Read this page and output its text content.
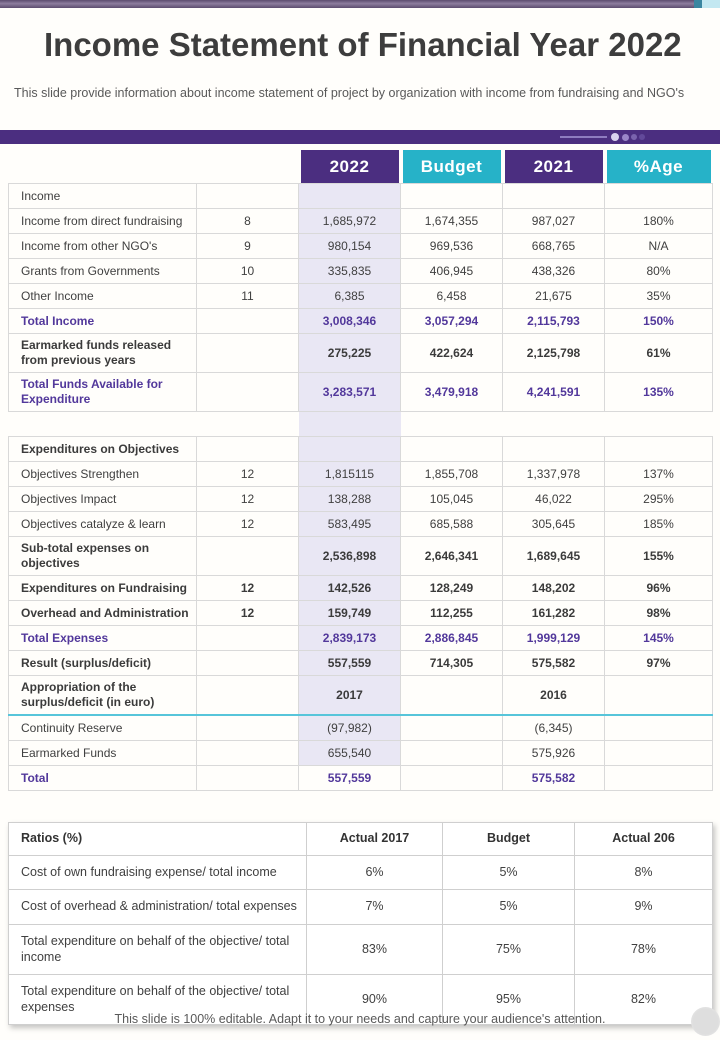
Income Statement of Financial Year 2022

This slide provide information about income statement of project by organization with income from fundraising and NGO's

		2022	Budget	2021	%Age

Income					
Income from direct fundraising	8	1,685,972	1,674,355	987,027	180%
Income from other NGO's	9	980,154	969,536	668,765	N/A
Grants from Governments	10	335,835	406,945	438,326	80%
Other Income	11	6,385	6,458	21,675	35%
Total Income		3,008,346	3,057,294	2,115,793	150%
Earmarked funds released from previous years		275,225	422,624	2,125,798	61%
Total Funds Available for Expenditure		3,283,571	3,479,918	4,241,591	135%

Expenditures on Objectives					
Objectives Strengthen	12	1,815115	1,855,708	1,337,978	137%
Objectives Impact	12	138,288	105,045	46,022	295%
Objectives catalyze & learn	12	583,495	685,588	305,645	185%
Sub-total expenses on objectives		2,536,898	2,646,341	1,689,645	155%
Expenditures on Fundraising	12	142,526	128,249	148,202	96%
Overhead and Administration	12	159,749	112,255	161,282	98%
Total Expenses		2,839,173	2,886,845	1,999,129	145%
Result (surplus/deficit)		557,559	714,305	575,582	97%
Appropriation of the surplus/deficit (in euro)		2017		2016	
Continuity Reserve		(97,982)		(6,345)	
Earmarked Funds		655,540		575,926	
Total		557,559		575,582	
Ratios (%)	Actual 2017	Budget	Actual 206
Cost of own fundraising expense/ total income	6%	5%	8%
Cost of overhead & administration/ total expenses	7%	5%	9%
Total expenditure on behalf of the objective/ total income	83%	75%	78%
Total expenditure on behalf of the objective/ total expenses	90%	95%	82%

This slide is 100% editable. Adapt it to your needs and capture your audience's attention.
